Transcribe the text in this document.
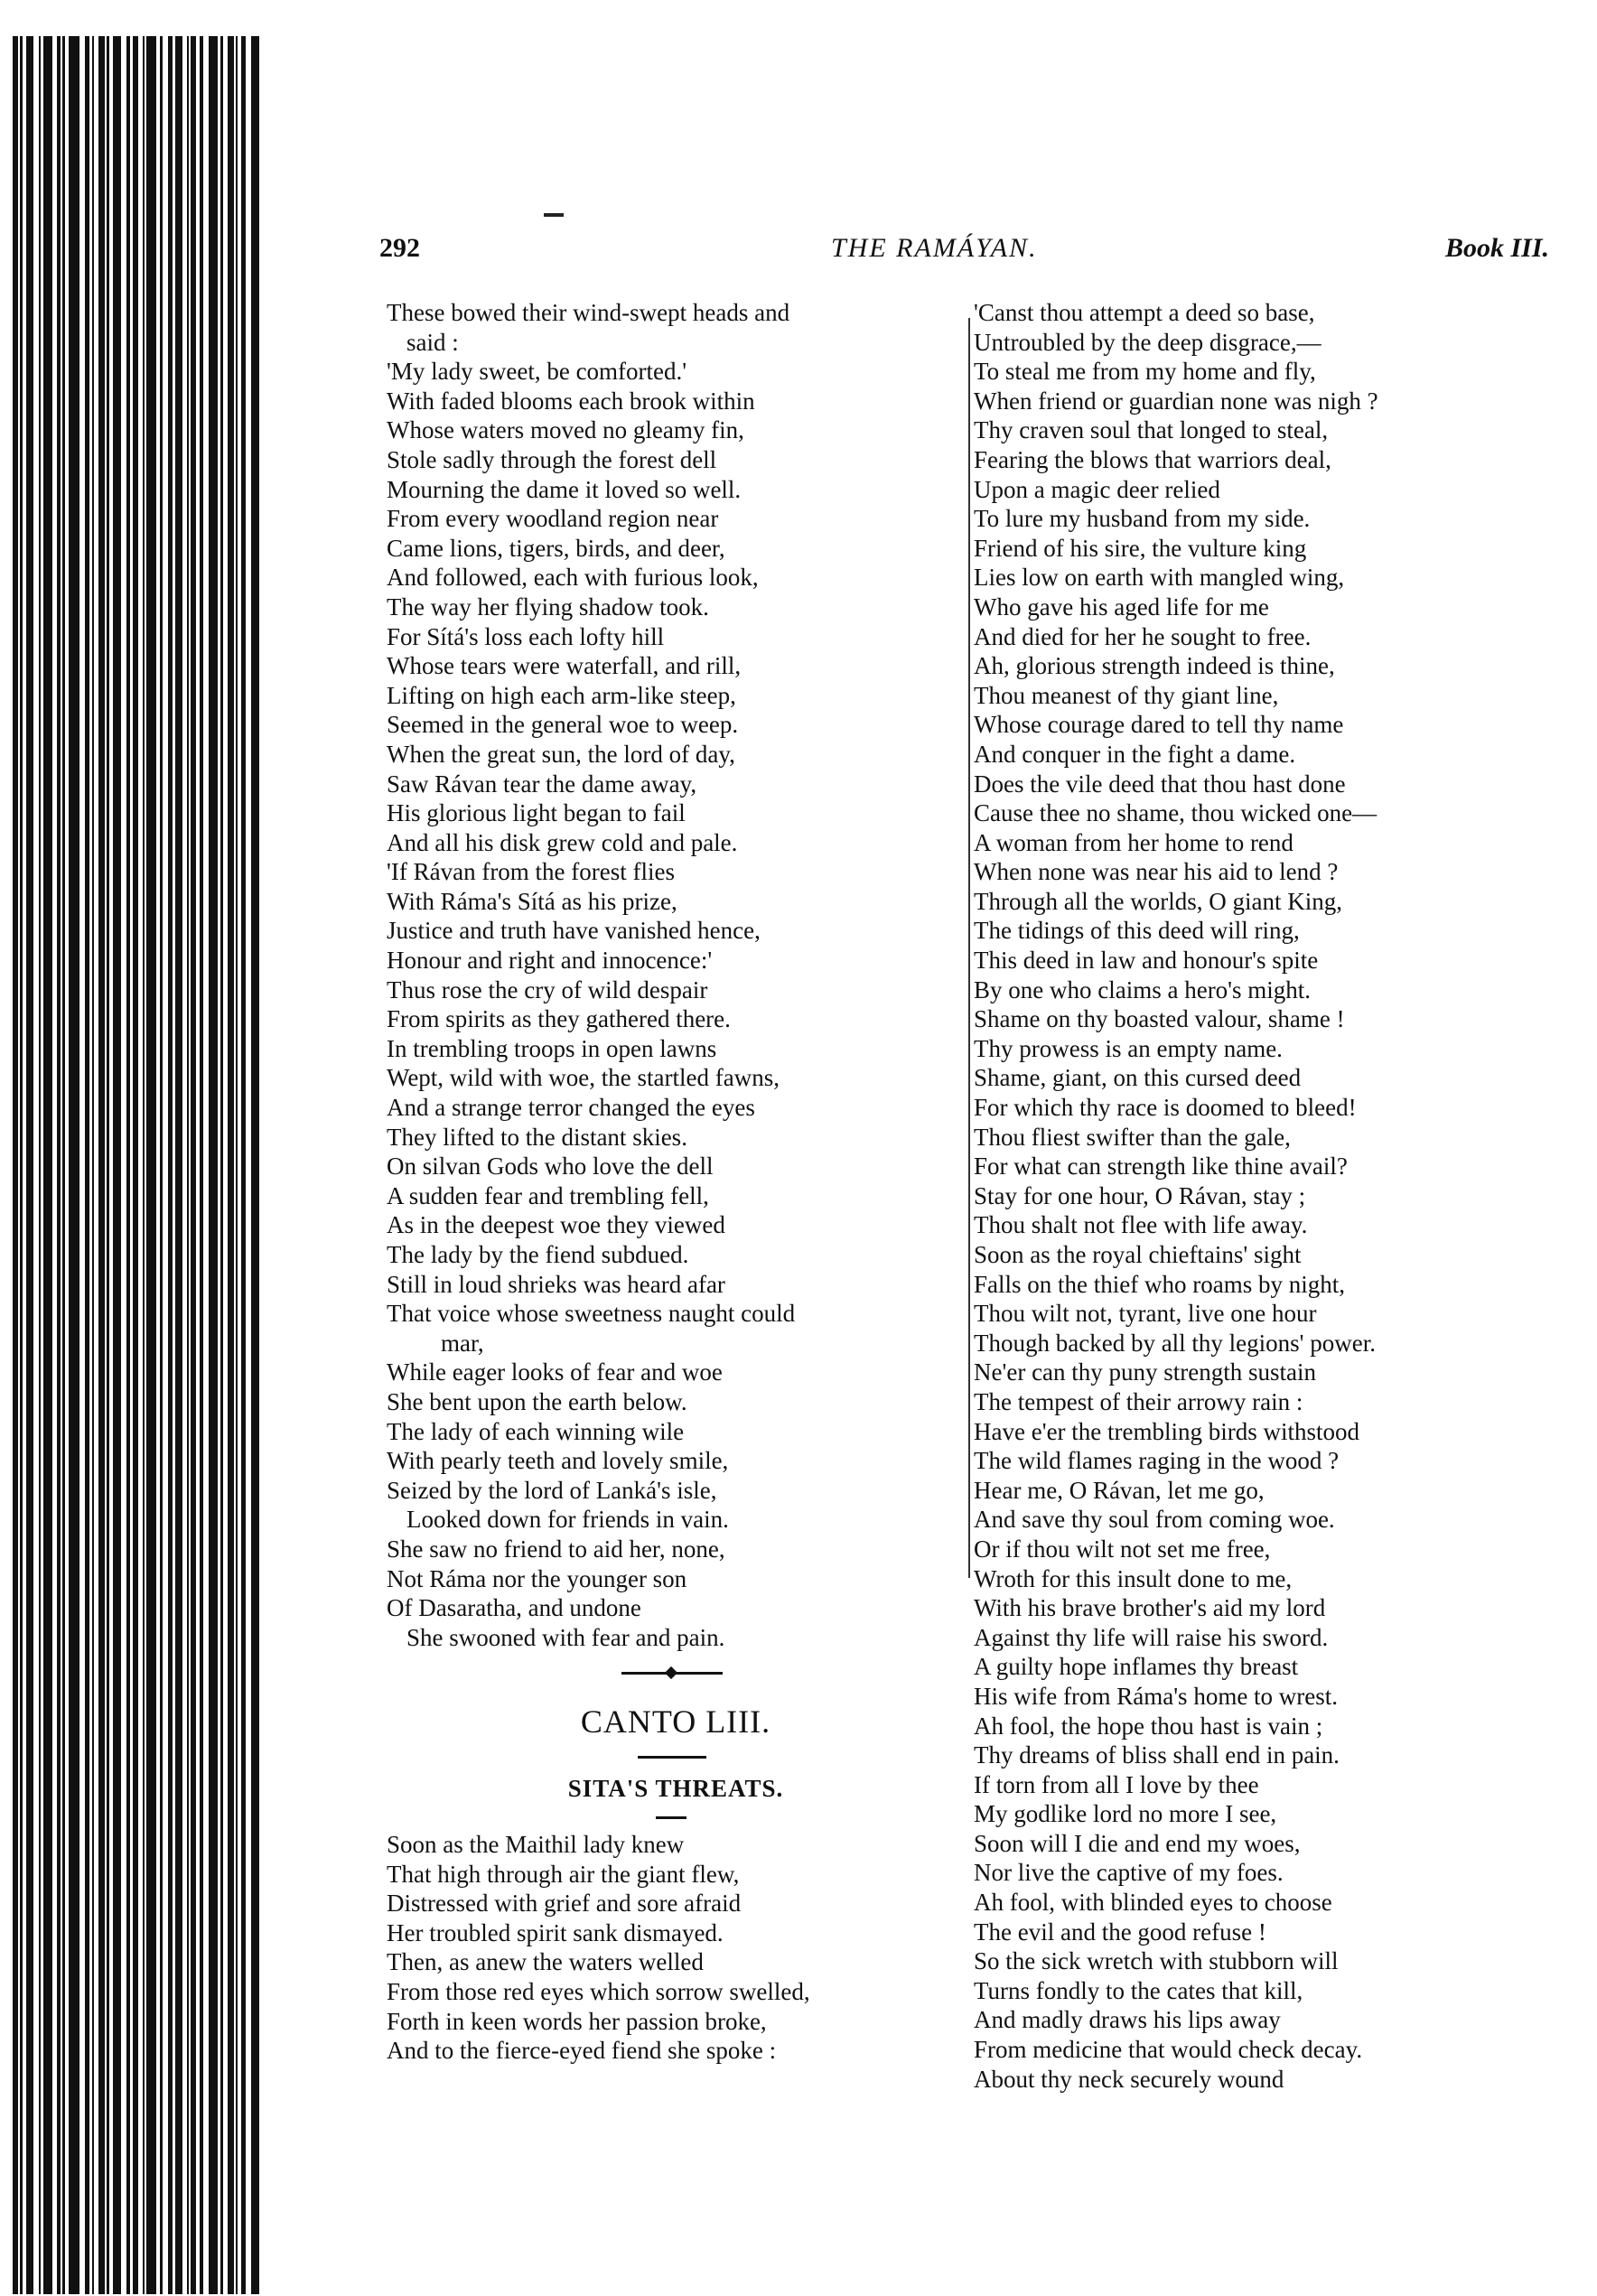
292	THE RAMÁYAN.	Book III.
These bowed their wind-swept heads and
said :
'My lady sweet, be comforted.'
With faded blooms each brook within
Whose waters moved no gleamy fin,
Stole sadly through the forest dell
Mourning the dame it loved so well.
From every woodland region near
Came lions, tigers, birds, and deer,
And followed, each with furious look,
The way her flying shadow took.
For Sítá's loss each lofty hill
Whose tears were waterfall, and rill,
Lifting on high each arm-like steep,
Seemed in the general woe to weep.
When the great sun, the lord of day,
Saw Rávan tear the dame away,
His glorious light began to fail
And all his disk grew cold and pale.
'If Rávan from the forest flies
With Ráma's Sítá as his prize,
Justice and truth have vanished hence,
Honour and right and innocence:'
Thus rose the cry of wild despair
From spirits as they gathered there.
In trembling troops in open lawns
Wept, wild with woe, the startled fawns,
And a strange terror changed the eyes
They lifted to the distant skies.
On silvan Gods who love the dell
A sudden fear and trembling fell,
As in the deepest woe they viewed
The lady by the fiend subdued.
Still in loud shrieks was heard afar
That voice whose sweetness naught could
mar,
While eager looks of fear and woe
She bent upon the earth below.
The lady of each winning wile
With pearly teeth and lovely smile,
Seized by the lord of Lanká's isle,
Looked down for friends in vain.
She saw no friend to aid her, none,
Not Ráma nor the younger son
Of Dasaratha, and undone
She swooned with fear and pain.
CANTO LIII.
SITA'S THREATS.
Soon as the Maithil lady knew
That high through air the giant flew,
Distressed with grief and sore afraid
Her troubled spirit sank dismayed.
Then, as anew the waters welled
From those red eyes which sorrow swelled,
Forth in keen words her passion broke,
And to the fierce-eyed fiend she spoke :
'Canst thou attempt a deed so base,
Untroubled by the deep disgrace,—
To steal me from my home and fly,
When friend or guardian none was nigh ?
Thy craven soul that longed to steal,
Fearing the blows that warriors deal,
Upon a magic deer relied
To lure my husband from my side.
Friend of his sire, the vulture king
Lies low on earth with mangled wing,
Who gave his aged life for me
And died for her he sought to free.
Ah, glorious strength indeed is thine,
Thou meanest of thy giant line,
Whose courage dared to tell thy name
And conquer in the fight a dame.
Does the vile deed that thou hast done
Cause thee no shame, thou wicked one—
A woman from her home to rend
When none was near his aid to lend ?
Through all the worlds, O giant King,
The tidings of this deed will ring,
This deed in law and honour's spite
By one who claims a hero's might.
Shame on thy boasted valour, shame !
Thy prowess is an empty name.
Shame, giant, on this cursed deed
For which thy race is doomed to bleed!
Thou fliest swifter than the gale,
For what can strength like thine avail?
Stay for one hour, O Rávan, stay ;
Thou shalt not flee with life away.
Soon as the royal chieftains' sight
Falls on the thief who roams by night,
Thou wilt not, tyrant, live one hour
Though backed by all thy legions' power.
Ne'er can thy puny strength sustain
The tempest of their arrowy rain :
Have e'er the trembling birds withstood
The wild flames raging in the wood ?
Hear me, O Rávan, let me go,
And save thy soul from coming woe.
Or if thou wilt not set me free,
Wroth for this insult done to me,
With his brave brother's aid my lord
Against thy life will raise his sword.
A guilty hope inflames thy breast
His wife from Ráma's home to wrest.
Ah fool, the hope thou hast is vain ;
Thy dreams of bliss shall end in pain.
If torn from all I love by thee
My godlike lord no more I see,
Soon will I die and end my woes,
Nor live the captive of my foes.
Ah fool, with blinded eyes to choose
The evil and the good refuse !
So the sick wretch with stubborn will
Turns fondly to the cates that kill,
And madly draws his lips away
From medicine that would check decay.
About thy neck securely wound
